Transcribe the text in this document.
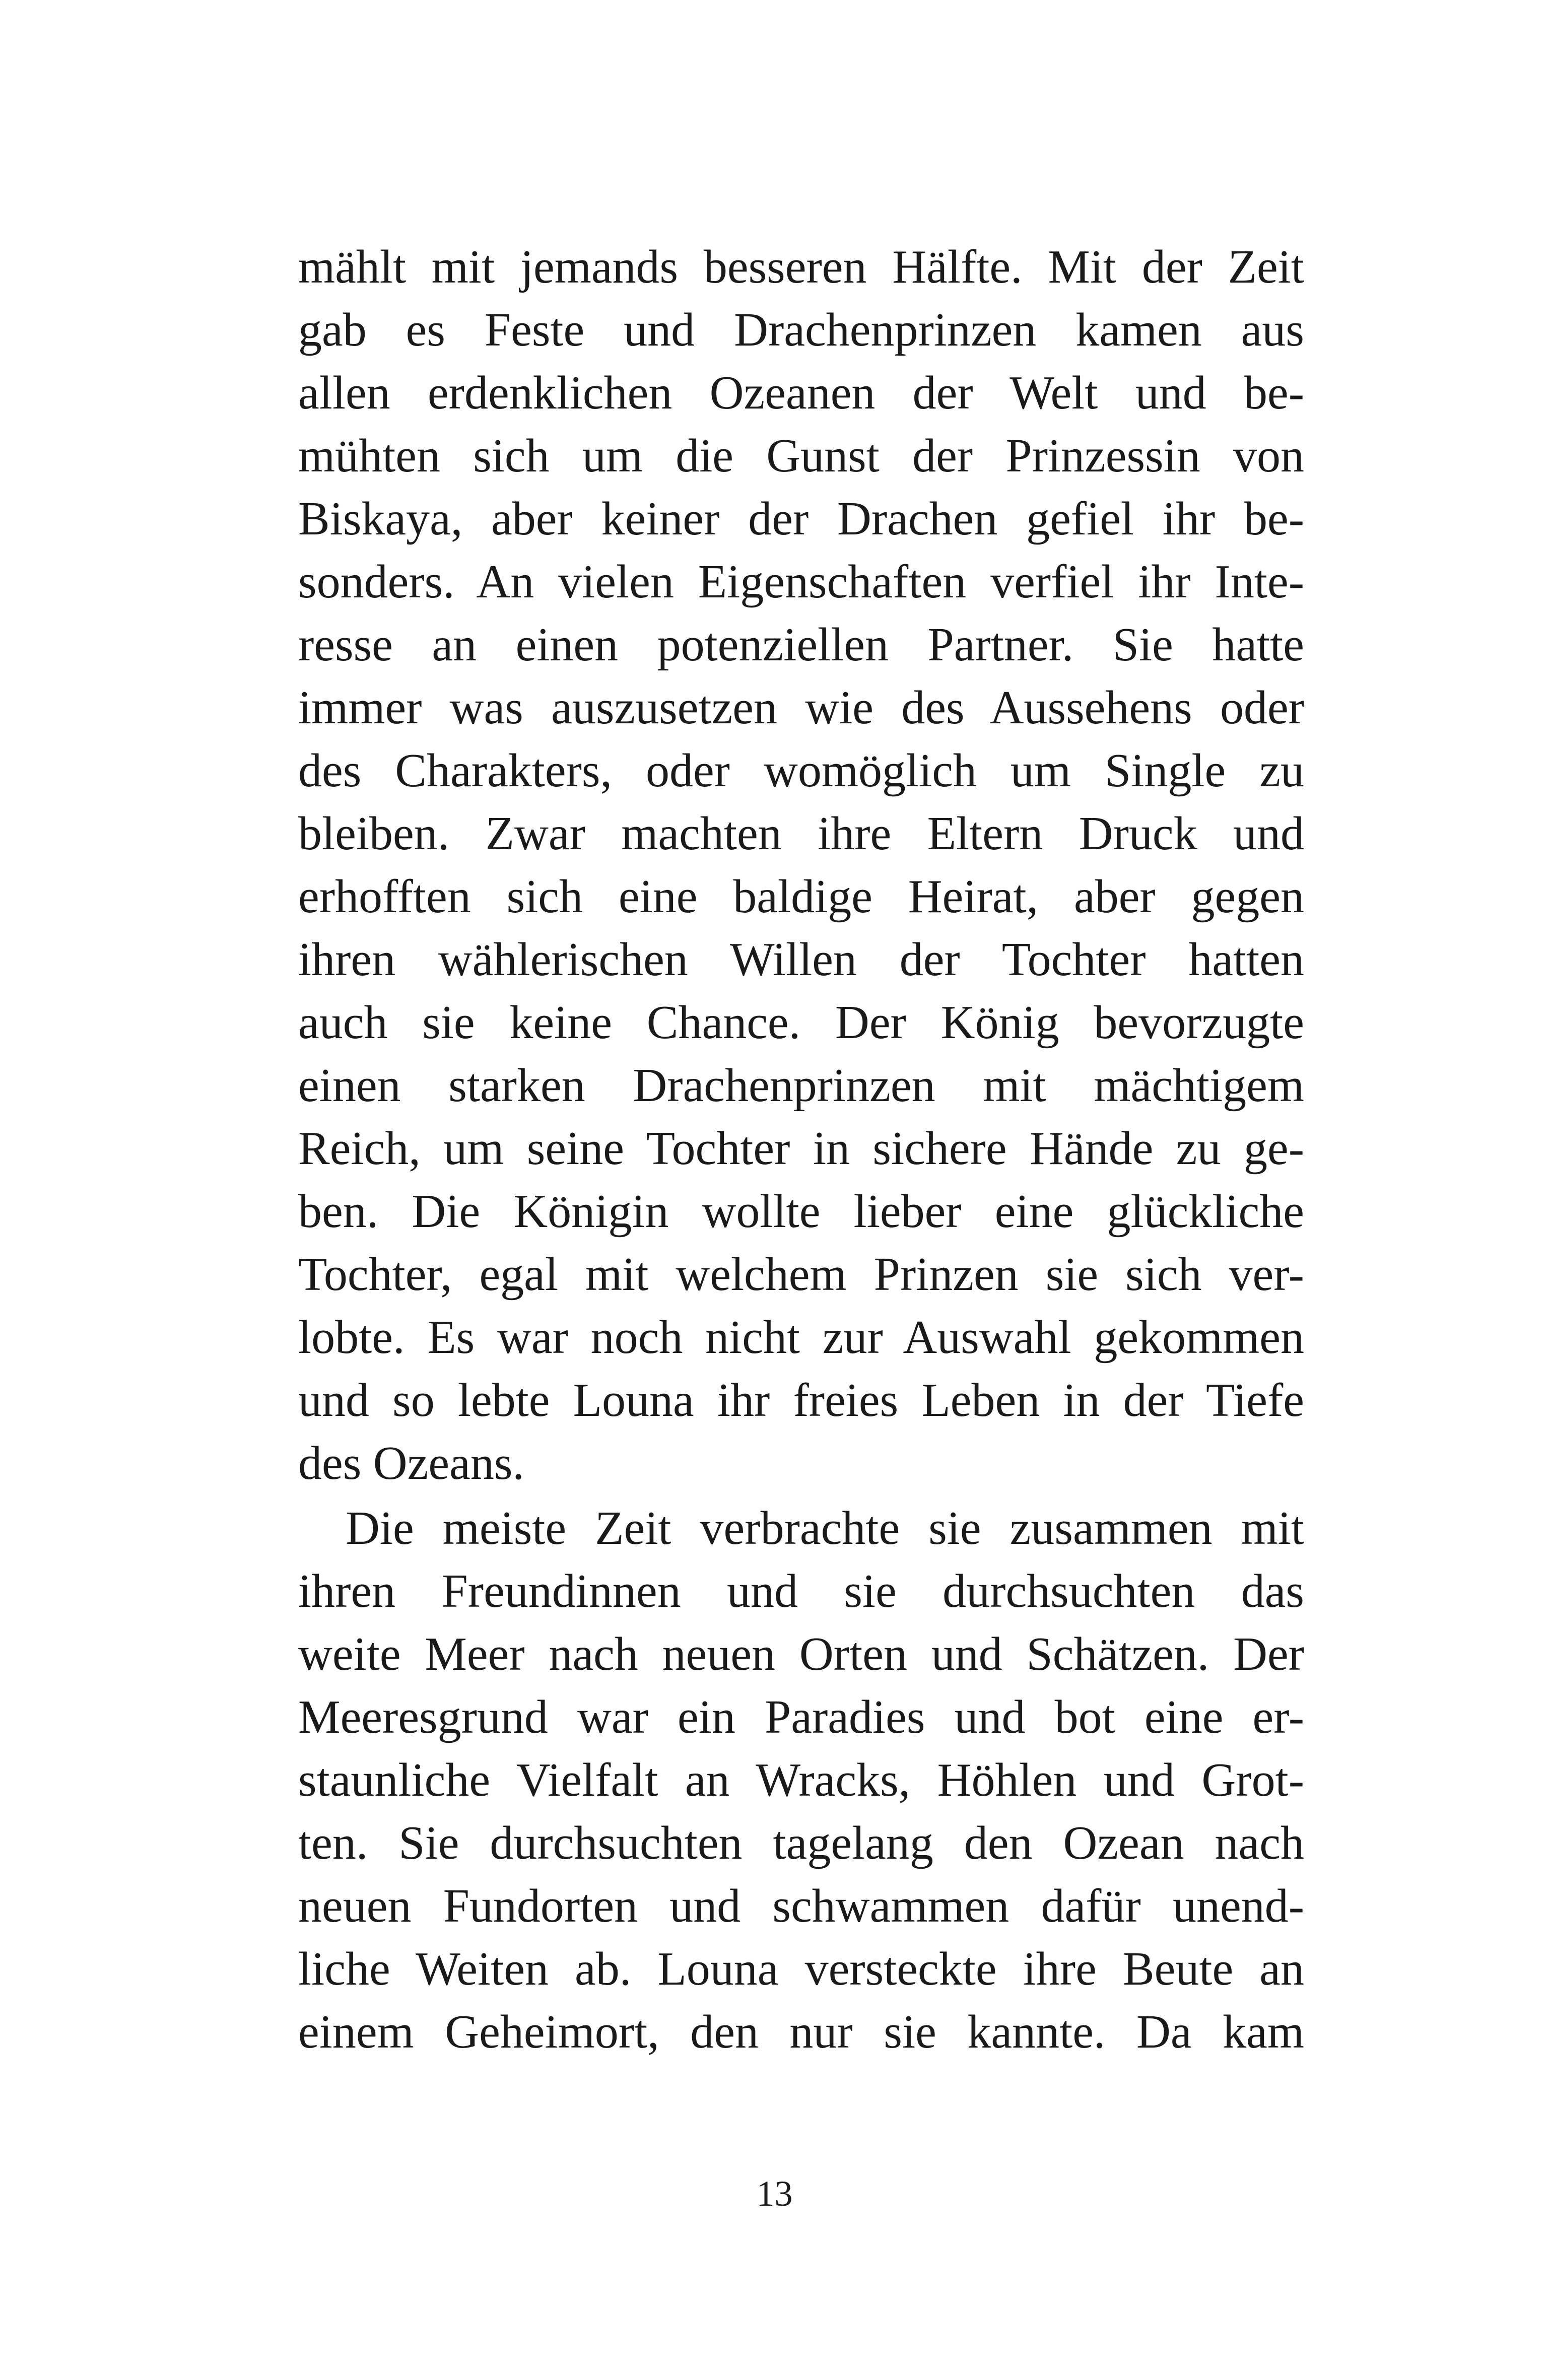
mählt mit jemands besseren Hälfte. Mit der Zeit
gab es Feste und Drachenprinzen kamen aus
allen erdenklichen Ozeanen der Welt und be-
mühten sich um die Gunst der Prinzessin von
Biskaya, aber keiner der Drachen gefiel ihr be-
sonders. An vielen Eigenschaften verfiel ihr Inte-
resse an einen potenziellen Partner. Sie hatte
immer was auszusetzen wie des Aussehens oder
des Charakters, oder womöglich um Single zu
bleiben. Zwar machten ihre Eltern Druck und
erhofften sich eine baldige Heirat, aber gegen
ihren wählerischen Willen der Tochter hatten
auch sie keine Chance. Der König bevorzugte
einen starken Drachenprinzen mit mächtigem
Reich, um seine Tochter in sichere Hände zu ge-
ben. Die Königin wollte lieber eine glückliche
Tochter, egal mit welchem Prinzen sie sich ver-
lobte. Es war noch nicht zur Auswahl gekommen
und so lebte Louna ihr freies Leben in der Tiefe
des Ozeans.

Die meiste Zeit verbrachte sie zusammen mit
ihren Freundinnen und sie durchsuchten das
weite Meer nach neuen Orten und Schätzen. Der
Meeresgrund war ein Paradies und bot eine er-
staunliche Vielfalt an Wracks, Höhlen und Grot-
ten. Sie durchsuchten tagelang den Ozean nach
neuen Fundorten und schwammen dafür unend-
liche Weiten ab. Louna versteckte ihre Beute an
einem Geheimort, den nur sie kannte. Da kam

13
